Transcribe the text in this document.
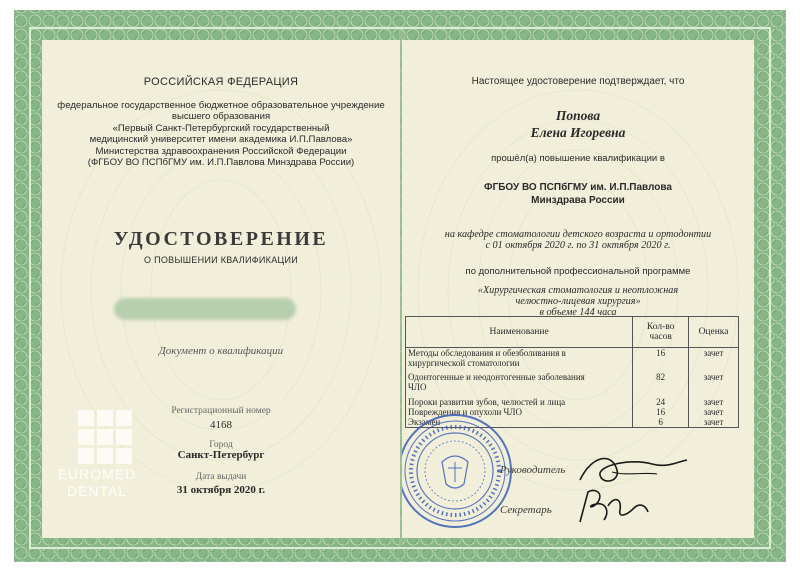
РОССИЙСКАЯ ФЕДЕРАЦИЯ
федеральное государственное бюджетное образовательное учреждение
высшего образования
«Первый Санкт-Петербургский государственный
медицинский университет имени академика И.П.Павлова»
Министерства здравоохранения Российской Федерации
(ФГБОУ ВО ПСПбГМУ им. И.П.Павлова Минздрава России)
УДОСТОВЕРЕНИЕ
О ПОВЫШЕНИИ КВАЛИФИКАЦИИ
Документ о квалификации
Регистрационный номер
4168
Город
Санкт-Петербург
Дата выдачи
31 октября 2020 г.
EUROMED
DENTAL
Настоящее удостоверение подтверждает, что
Попова
Елена Игоревна
прошёл(а) повышение квалификации в
ФГБОУ ВО ПСПбГМУ им. И.П.Павлова
Минздрава России
на кафедре стоматологии детского возраста и ортодонтии
с 01 октября 2020 г. по 31 октября 2020 г.
по дополнительной профессиональной программе
«Хирургическая стоматология и неотложная
челюстно-лицевая хирургия»
в объеме 144 часа
Наименование	Кол-во часов	Оценка
Методы обследования и обезболивания в
хирургической стоматологии	16	зачет
Одонтогенные и неодонтогенные заболевания
ЧЛО	82	зачет
Пороки развития зубов, челюстей и лица	24	зачет
Повреждения и опухоли ЧЛО	16	зачет
Экзамен	6	зачет
Руководитель
Секретарь
